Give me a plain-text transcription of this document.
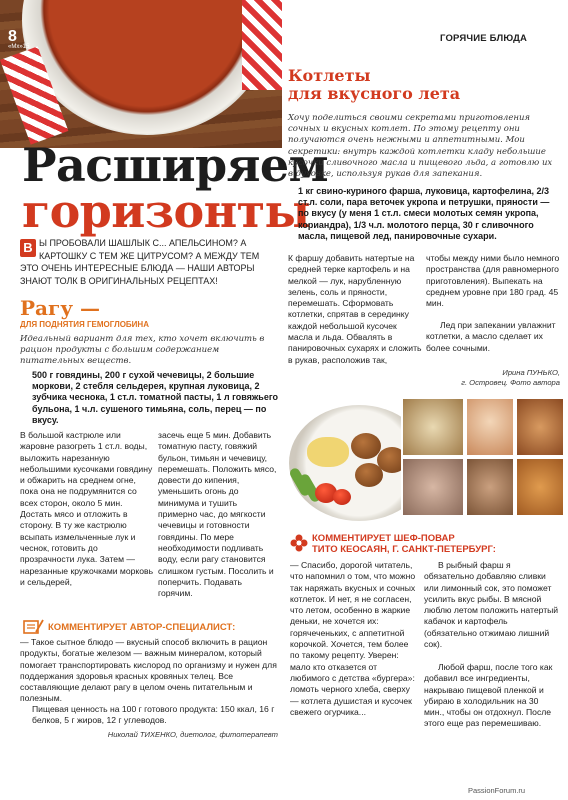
8
«Мх»15
ГОРЯЧИЕ БЛЮДА
Расширяем
горизонты
В Ы ПРОБОВАЛИ ШАШЛЫК С... АПЕЛЬСИНОМ? А КАРТОШКУ С ТЕМ ЖЕ ЦИТРУСОМ? А МЕЖДУ ТЕМ ЭТО ОЧЕНЬ ИНТЕРЕСНЫЕ БЛЮДА — НАШИ АВТОРЫ ЗНАЮТ ТОЛК В ОРИГИНАЛЬНЫХ РЕЦЕПТАХ!
Рагу —
ДЛЯ ПОДНЯТИЯ ГЕМОГЛОБИНА
Идеальный вариант для тех, кто хочет включить в рацион продукты с большим содержанием питательных веществ.
500 г говядины, 200 г сухой чечевицы, 2 большие моркови, 2 стебля сельдерея, крупная луковица, 2 зубчика чеснока, 1 ст.л. томатной пасты, 1 л говяжьего бульона, 1 ч.л. сушеного тимьяна, соль, перец — по вкусу.
В большой кастрюле или жаровне разогреть 1 ст.л. воды, выложить нарезанную небольшими кусочками говядину и обжарить на среднем огне, пока она не подрумянится со всех сторон, около 5 мин. Достать мясо и отложить в сторону. В ту же кастрюлю всыпать измельченные лук и чеснок, готовить до прозрачности лука. Затем — нарезанные кружочками морковь и сельдерей,
засечь еще 5 мин. Добавить томатную пасту, говяжий бульон, тимьян и чечевицу, перемешать. Положить мясо, довести до кипения, уменьшить огонь до минимума и тушить примерно час, до мягкости чечевицы и готовности говядины. По мере необходимости подливать воду, если рагу становится слишком густым. Посолить и поперчить. Подавать горячим.
КОММЕНТИРУЕТ АВТОР-СПЕЦИАЛИСТ:
— Такое сытное блюдо — вкусный способ включить в рацион продукты, богатые железом — важным минералом, который помогает транспортировать кислород по организму и нужен для поддержания здоровья красных кровяных телец. Все составляющие делают рагу в целом очень питательным и полезным.
Пищевая ценность на 100 г готового продукта: 150 ккал, 16 г белков, 5 г жиров, 12 г углеводов.
Николай ТИХЕНКО, диетолог, фитотерапевт
Котлеты
для вкусного лета
Хочу поделиться своими секретами приготовления сочных и вкусных котлет. По этому рецепту они получаются очень нежными и аппетитными. Мои секретики: внутрь каждой котлетки кладу небольшие кусочки сливочного масла и пищевого льда, а готовлю их в духовке, используя рукав для запекания.
1 кг свино-куриного фарша, луковица, картофелина, 2/3 ст.л. соли, пара веточек укропа и петрушки, пряности — по вкусу (у меня 1 ст.л. смеси молотых семян укропа, кориандра), 1/3 ч.л. молотого перца, 30 г сливочного масла, пищевой лед, панировочные сухари.
К фаршу добавить натертые на средней терке картофель и на мелкой — лук, нарубленную зелень, соль и пряности, перемешать. Сформовать котлетки, спрятав в серединку каждой небольшой кусочек масла и льда. Обвалять в панировочных сухарях и сложить в рукав, расположив так,
чтобы между ними было немного пространства (для равномерного приготовления). Выпекать на среднем уровне при 180 град. 45 мин.
Лед при запекании увлажнит котлетки, а масло сделает их более сочными.
Ирина ПУНЬКО,
г. Островец. Фото автора
КОММЕНТИРУЕТ ШЕФ-ПОВАР
ТИТО КЕОСАЯН, Г. САНКТ-ПЕТЕРБУРГ:
— Спасибо, дорогой читатель, что напомнил о том, что можно так наряжать вкусных и сочных котлеток. И нет, я не согласен, что летом, особенно в жаркие деньки, не хочется их: горячеченьких, с аппетитной корочкой. Хочется, тем более по такому рецепту. Уверен: мало кто отказется от любимого с детства «бургера»: ломоть черного хлеба, сверху — котлета душистая и кусочек свежего огурчика...
В рыбный фарш я обязательно добавляю сливки или лимонный сок, это поможет усилить вкус рыбы. В мясной люблю летом положить натертый кабачок и картофель (обязательно отжимаю лишний сок).
Любой фарш, после того как добавил все ингредиенты, накрываю пищевой пленкой и убираю в холодильник на 30 мин., чтобы он отдохнул. После этого еще раз перемешиваю.
PassionForum.ru
